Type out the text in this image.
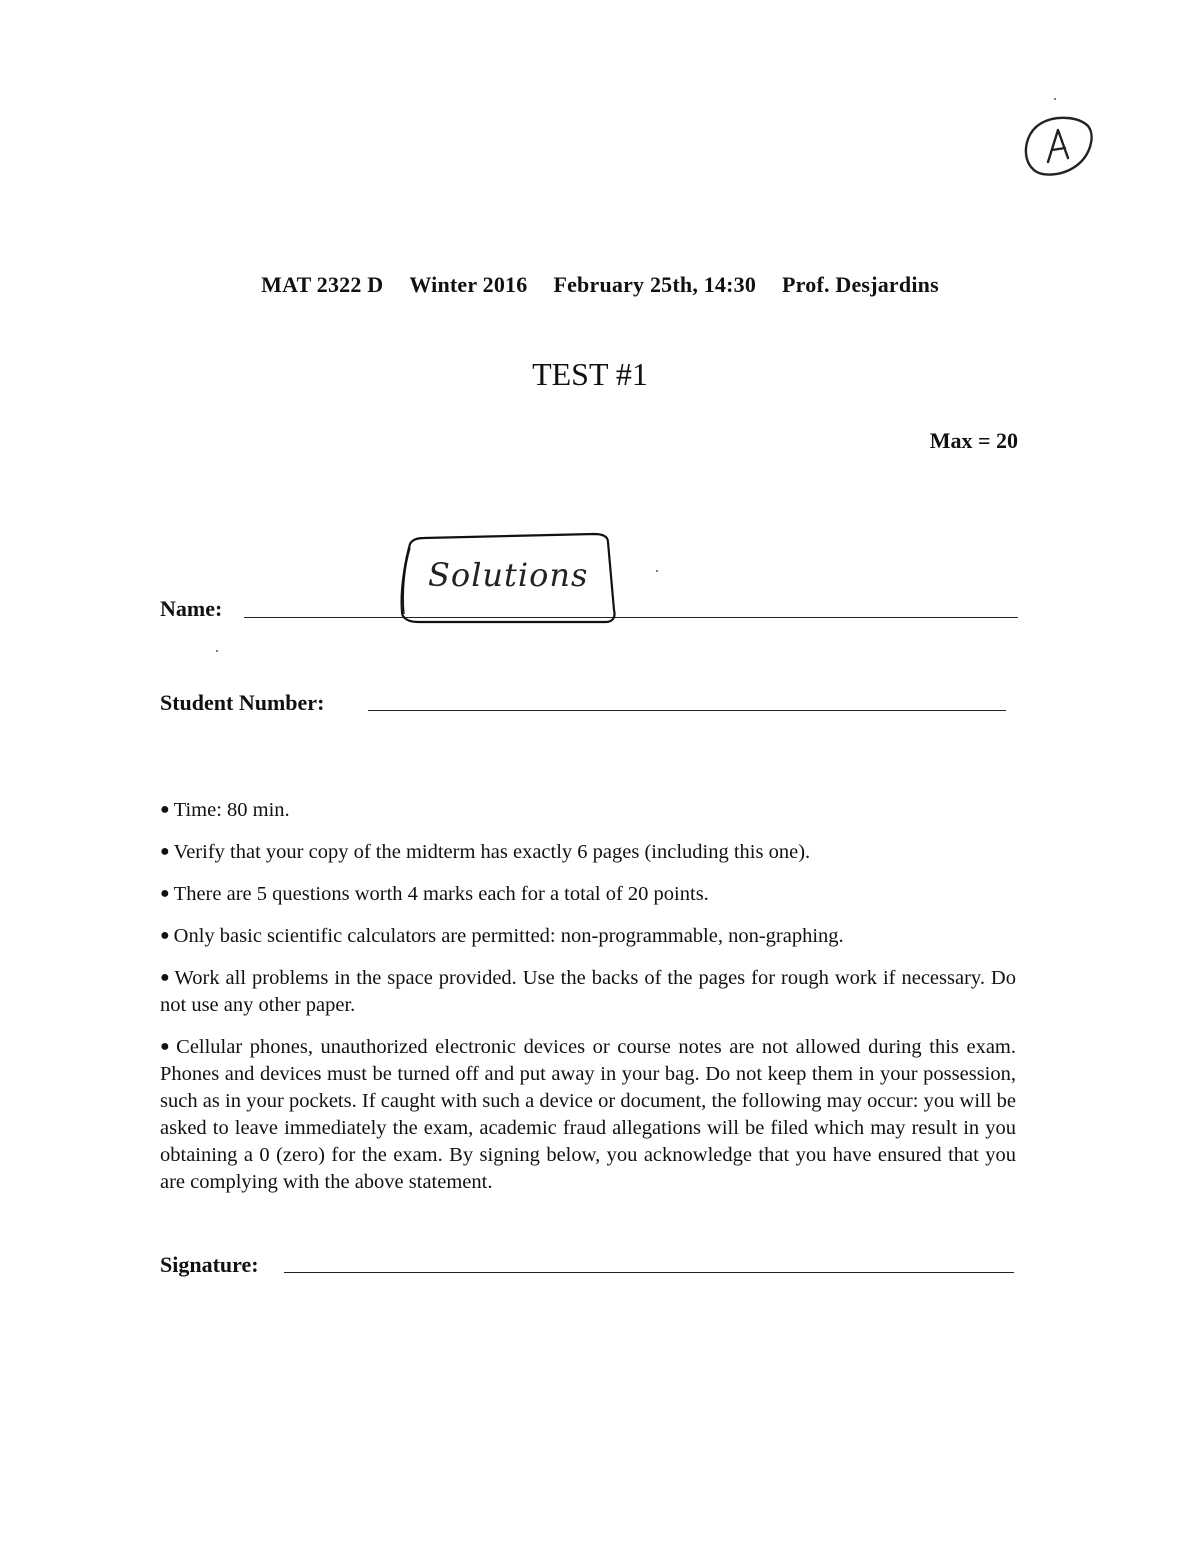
MAT 2322 D Winter 2016 February 25th, 14:30 Prof. Desjardins
TEST #1
Max = 20
Name:
Solutions
Student Number:

● Time: 80 min.

● Verify that your copy of the midterm has exactly 6 pages (including this one).

● There are 5 questions worth 4 marks each for a total of 20 points.

● Only basic scientific calculators are permitted: non-programmable, non-graphing.

● Work all problems in the space provided. Use the backs of the pages for rough work if necessary. Do not use any other paper.

● Cellular phones, unauthorized electronic devices or course notes are not allowed during this exam. Phones and devices must be turned off and put away in your bag. Do not keep them in your possession, such as in your pockets. If caught with such a device or document, the following may occur: you will be asked to leave immediately the exam, academic fraud allegations will be filed which may result in you obtaining a 0 (zero) for the exam. By signing below, you acknowledge that you have ensured that you are complying with the above statement.

Signature:
